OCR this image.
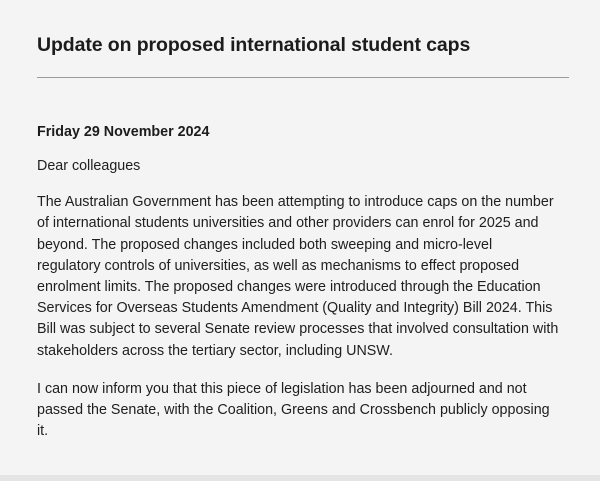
Update on proposed international student caps

Friday 29 November 2024

Dear colleagues

The Australian Government has been attempting to introduce caps on the number
of international students universities and other providers can enrol for 2025 and
beyond. The proposed changes included both sweeping and micro-level
regulatory controls of universities, as well as mechanisms to effect proposed
enrolment limits. The proposed changes were introduced through the Education
Services for Overseas Students Amendment (Quality and Integrity) Bill 2024. This
Bill was subject to several Senate review processes that involved consultation with
stakeholders across the tertiary sector, including UNSW.

I can now inform you that this piece of legislation has been adjourned and not
passed the Senate, with the Coalition, Greens and Crossbench publicly opposing
it.
